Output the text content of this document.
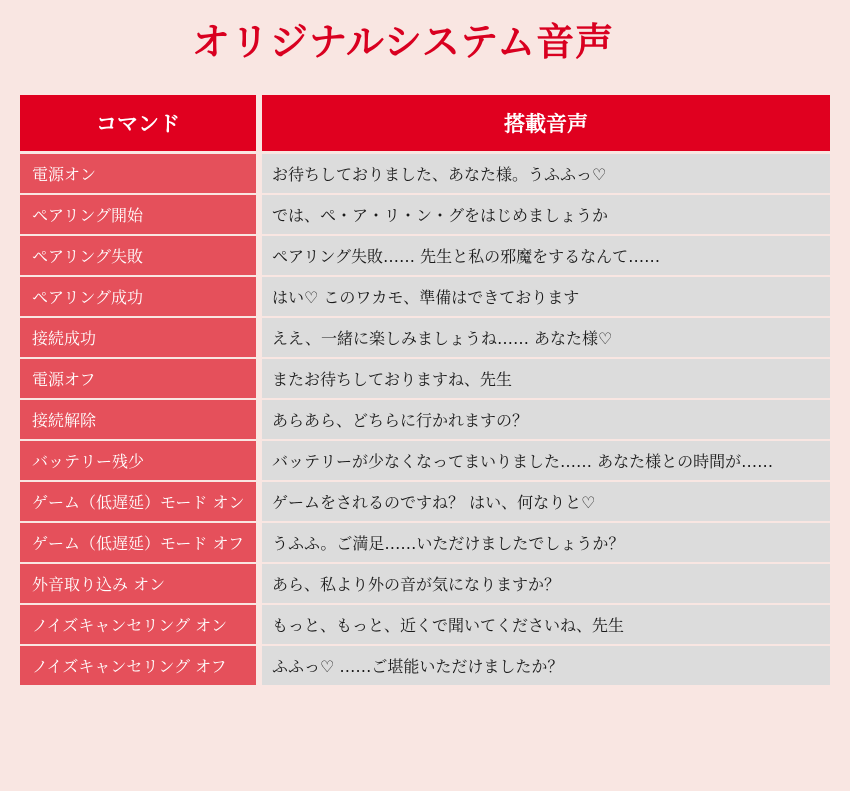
オリジナルシステム音声
コマンド	搭載音声
電源オン	お待ちしておりました、あなた様。うふふっ♡
ペアリング開始	では、ペ・ア・リ・ン・グをはじめましょうか
ペアリング失敗	ペアリング失敗…… 先生と私の邪魔をするなんて……
ペアリング成功	はい♡ このワカモ、準備はできております
接続成功	ええ、一緒に楽しみましょうね…… あなた様♡
電源オフ	またお待ちしておりますね、先生
接続解除	あらあら、どちらに行かれますの？
バッテリー残少	バッテリーが少なくなってまいりました…… あなた様との時間が……
ゲーム（低遅延）モード オン	ゲームをされるのですね？ はい、何なりと♡
ゲーム（低遅延）モード オフ	うふふ。ご満足……いただけましたでしょうか？
外音取り込み オン	あら、私より外の音が気になりますか？
ノイズキャンセリング オン	もっと、もっと、近くで聞いてくださいね、先生
ノイズキャンセリング オフ	ふふっ♡ ……ご堪能いただけましたか？
